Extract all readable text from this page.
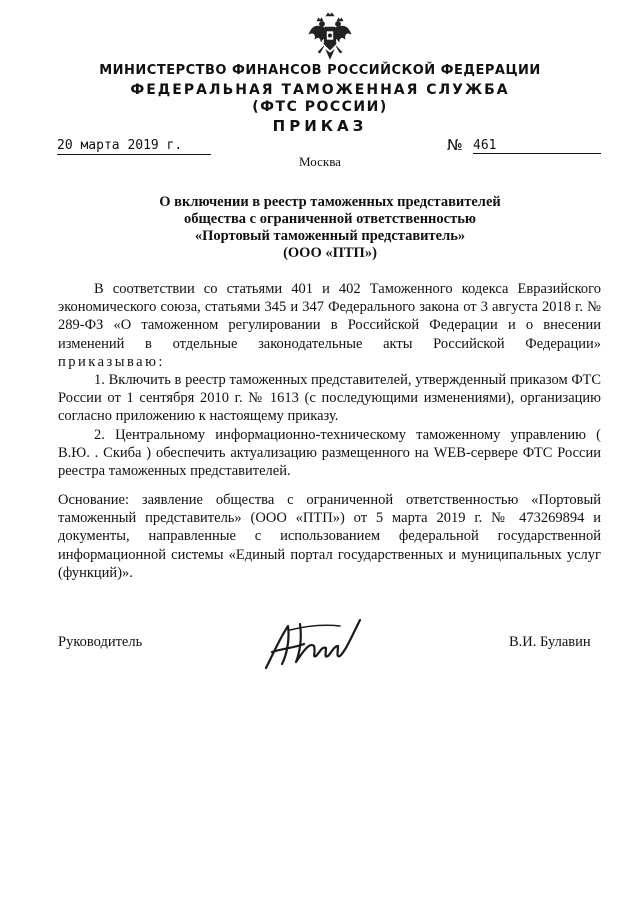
МИНИСТЕРСТВО ФИНАНСОВ РОССИЙСКОЙ ФЕДЕРАЦИИ
ФЕДЕРАЛЬНАЯ ТАМОЖЕННАЯ СЛУЖБА
(ФТС РОССИИ)
ПРИКАЗ
20 марта 2019 г.	№ 461
Москва
О включении в реестр таможенных представителей
общества с ограниченной ответственностью
«Портовый таможенный представитель»
(ООО «ПТП»)

В соответствии со статьями 401 и 402 Таможенного кодекса Евразийского экономического союза, статьями 345 и 347 Федерального закона от 3 августа 2018 г. № 289-ФЗ «О таможенном регулировании в Российской Федерации и о внесении изменений в отдельные законодательные акты Российской Федерации» приказываю:

1. Включить в реестр таможенных представителей, утвержденный приказом ФТС России от 1 сентября 2010 г. № 1613 (с последующими изменениями), организацию согласно приложению к настоящему приказу.

2. Центральному информационно-техническому таможенному управлению ( В.Ю. . Скиба ) обеспечить актуализацию размещенного на WEB-сервере ФТС России реестра таможенных представителей.

Основание: заявление общества с ограниченной ответственностью «Портовый таможенный представитель» (ООО «ПТП») от 5 марта 2019 г. № 473269894 и документы, направленные с использованием федеральной государственной информационной системы «Единый портал государственных и муниципальных услуг (функций)».
Руководитель	В.И. Булавин
